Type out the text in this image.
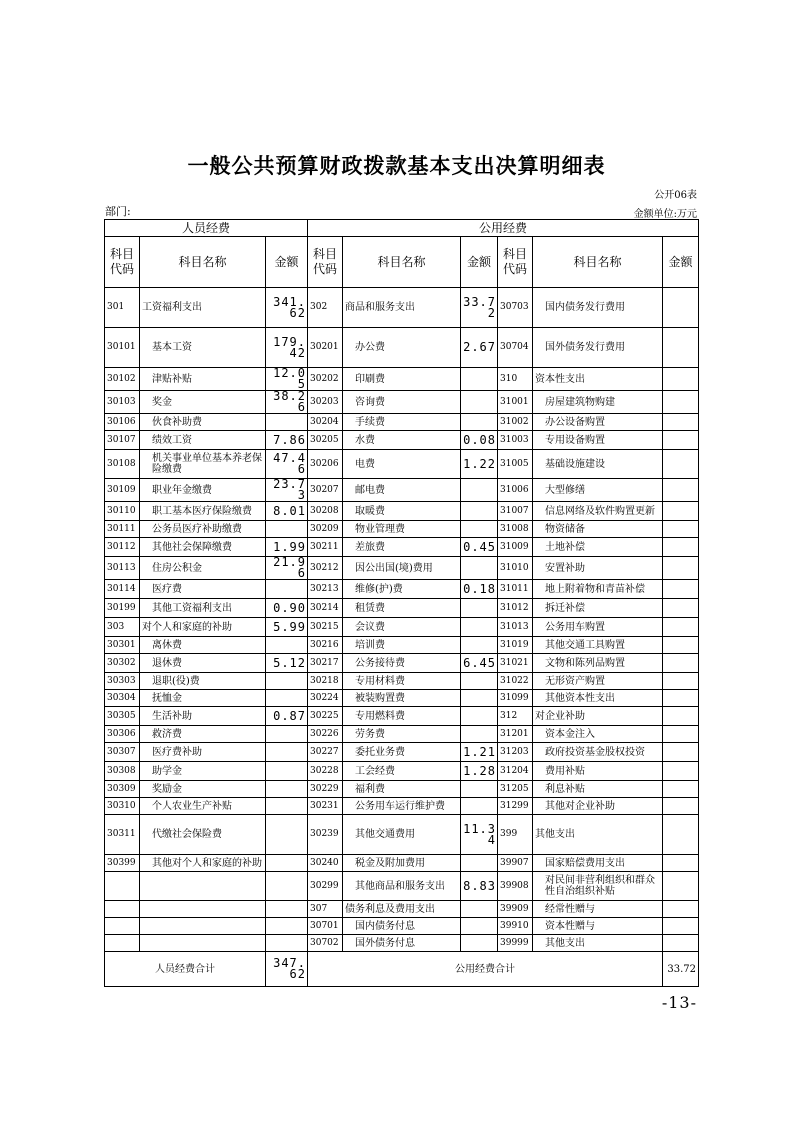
一般公共预算财政拨款基本支出决算明细表
公开06表
部门:	金额单位:万元
人员经费			公用经费					
科目代码	科目名称	金额	科目代码	科目名称	金额	科目代码	科目名称	金额
301	工资福利支出	341.62	302	商品和服务支出	33.72	30703	国内债务发行费用	
30101	基本工资	179.42	30201	办公费	2.67	30704	国外债务发行费用	
30102	津贴补贴	12.05	30202	印刷费		310	资本性支出	
30103	奖金	38.26	30203	咨询费		31001	房屋建筑物购建	
30106	伙食补助费		30204	手续费		31002	办公设备购置	
30107	绩效工资	7.86	30205	水费	0.08	31003	专用设备购置	
30108	机关事业单位基本养老保险缴费	47.46	30206	电费	1.22	31005	基础设施建设	
30109	职业年金缴费	23.73	30207	邮电费		31006	大型修缮	
30110	职工基本医疗保险缴费	8.01	30208	取暖费		31007	信息网络及软件购置更新	
30111	公务员医疗补助缴费		30209	物业管理费		31008	物资储备	
30112	其他社会保障缴费	1.99	30211	差旅费	0.45	31009	土地补偿	
30113	住房公积金	21.96	30212	因公出国(境)费用		31010	安置补助	
30114	医疗费		30213	维修(护)费	0.18	31011	地上附着物和青苗补偿	
30199	其他工资福利支出	0.90	30214	租赁费		31012	拆迁补偿	
303	对个人和家庭的补助	5.99	30215	会议费		31013	公务用车购置	
30301	离休费		30216	培训费		31019	其他交通工具购置	
30302	退休费	5.12	30217	公务接待费	6.45	31021	文物和陈列品购置	
30303	退职(役)费		30218	专用材料费		31022	无形资产购置	
30304	抚恤金		30224	被装购置费		31099	其他资本性支出	
30305	生活补助	0.87	30225	专用燃料费		312	对企业补助	
30306	救济费		30226	劳务费		31201	资本金注入	
30307	医疗费补助		30227	委托业务费	1.21	31203	政府投资基金股权投资	
30308	助学金		30228	工会经费	1.28	31204	费用补贴	
30309	奖励金		30229	福利费		31205	利息补贴	
30310	个人农业生产补贴		30231	公务用车运行维护费		31299	其他对企业补助	
30311	代缴社会保险费		30239	其他交通费用	11.34	399	其他支出	
30399	其他对个人和家庭的补助		30240	税金及附加费用		39907	国家赔偿费用支出	
			30299	其他商品和服务支出	8.83	39908	对民间非营利组织和群众性自治组织补贴	
			307	债务利息及费用支出		39909	经常性赠与	
			30701	国内债务付息		39910	资本性赠与	
			30702	国外债务付息		39999	其他支出	
人员经费合计		347.62	公用经费合计					33.72
-13-
